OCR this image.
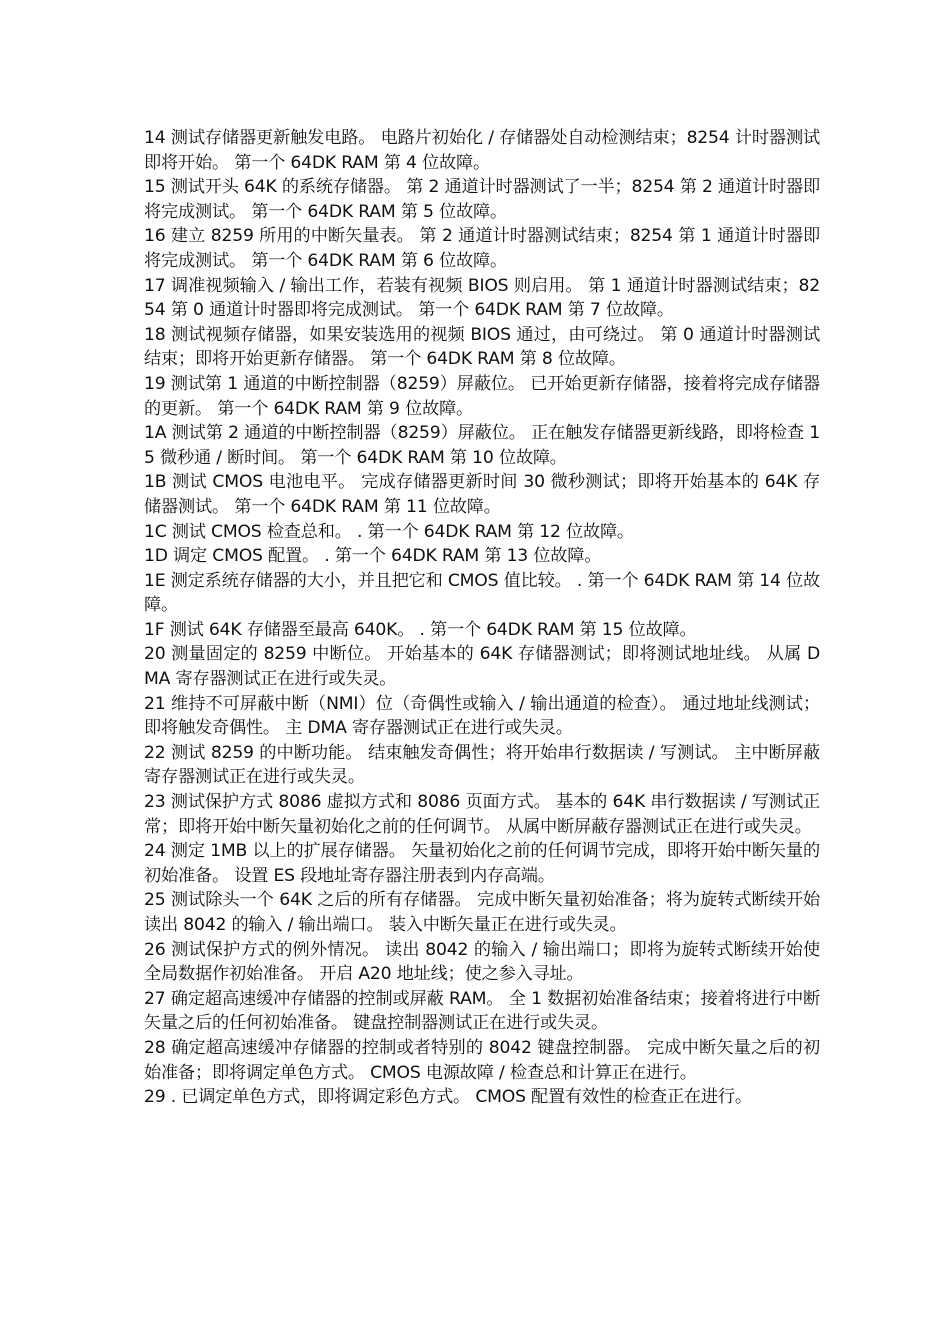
14 测试存储器更新触发电路。 电路片初始化 / 存储器处自动检测结束；8254 计时器测试即将开始。 第一个 64DK RAM 第 4 位故障。

15 测试开头 64K 的系统存储器。 第 2 通道计时器测试了一半；8254 第 2 通道计时器即将完成测试。 第一个 64DK RAM 第 5 位故障。

16 建立 8259 所用的中断矢量表。 第 2 通道计时器测试结束；8254 第 1 通道计时器即将完成测试。 第一个 64DK RAM 第 6 位故障。

17 调准视频输入 / 输出工作，若装有视频 BIOS 则启用。 第 1 通道计时器测试结束；8254 第 0 通道计时器即将完成测试。 第一个 64DK RAM 第 7 位故障。

18 测试视频存储器，如果安装选用的视频 BIOS 通过，由可绕过。 第 0 通道计时器测试结束；即将开始更新存储器。 第一个 64DK RAM 第 8 位故障。

19 测试第 1 通道的中断控制器（8259）屏蔽位。 已开始更新存储器，接着将完成存储器的更新。 第一个 64DK RAM 第 9 位故障。

1A 测试第 2 通道的中断控制器（8259）屏蔽位。 正在触发存储器更新线路，即将检查 15 微秒通 / 断时间。 第一个 64DK RAM 第 10 位故障。

1B 测试 CMOS 电池电平。 完成存储器更新时间 30 微秒测试；即将开始基本的 64K 存储器测试。 第一个 64DK RAM 第 11 位故障。

1C 测试 CMOS 检查总和。 . 第一个 64DK RAM 第 12 位故障。

1D 调定 CMOS 配置。 . 第一个 64DK RAM 第 13 位故障。

1E 测定系统存储器的大小，并且把它和 CMOS 值比较。 . 第一个 64DK RAM 第 14 位故障。

1F 测试 64K 存储器至最高 640K。 . 第一个 64DK RAM 第 15 位故障。

20 测量固定的 8259 中断位。 开始基本的 64K 存储器测试；即将测试地址线。 从属 DMA 寄存器测试正在进行或失灵。

21 维持不可屏蔽中断（NMI）位（奇偶性或输入 / 输出通道的检查）。 通过地址线测试；即将触发奇偶性。 主 DMA 寄存器测试正在进行或失灵。

22 测试 8259 的中断功能。 结束触发奇偶性；将开始串行数据读 / 写测试。 主中断屏蔽寄存器测试正在进行或失灵。

23 测试保护方式 8086 虚拟方式和 8086 页面方式。 基本的 64K 串行数据读 / 写测试正常；即将开始中断矢量初始化之前的任何调节。 从属中断屏蔽存器测试正在进行或失灵。

24 测定 1MB 以上的扩展存储器。 矢量初始化之前的任何调节完成，即将开始中断矢量的初始准备。 设置 ES 段地址寄存器注册表到内存高端。

25 测试除头一个 64K 之后的所有存储器。 完成中断矢量初始准备；将为旋转式断续开始读出 8042 的输入 / 输出端口。 装入中断矢量正在进行或失灵。

26 测试保护方式的例外情况。 读出 8042 的输入 / 输出端口；即将为旋转式断续开始使全局数据作初始准备。 开启 A20 地址线；使之参入寻址。

27 确定超高速缓冲存储器的控制或屏蔽 RAM。 全 1 数据初始准备结束；接着将进行中断矢量之后的任何初始准备。 键盘控制器测试正在进行或失灵。

28 确定超高速缓冲存储器的控制或者特别的 8042 键盘控制器。 完成中断矢量之后的初始准备；即将调定单色方式。 CMOS 电源故障 / 检查总和计算正在进行。

29 . 已调定单色方式，即将调定彩色方式。 CMOS 配置有效性的检查正在进行。
